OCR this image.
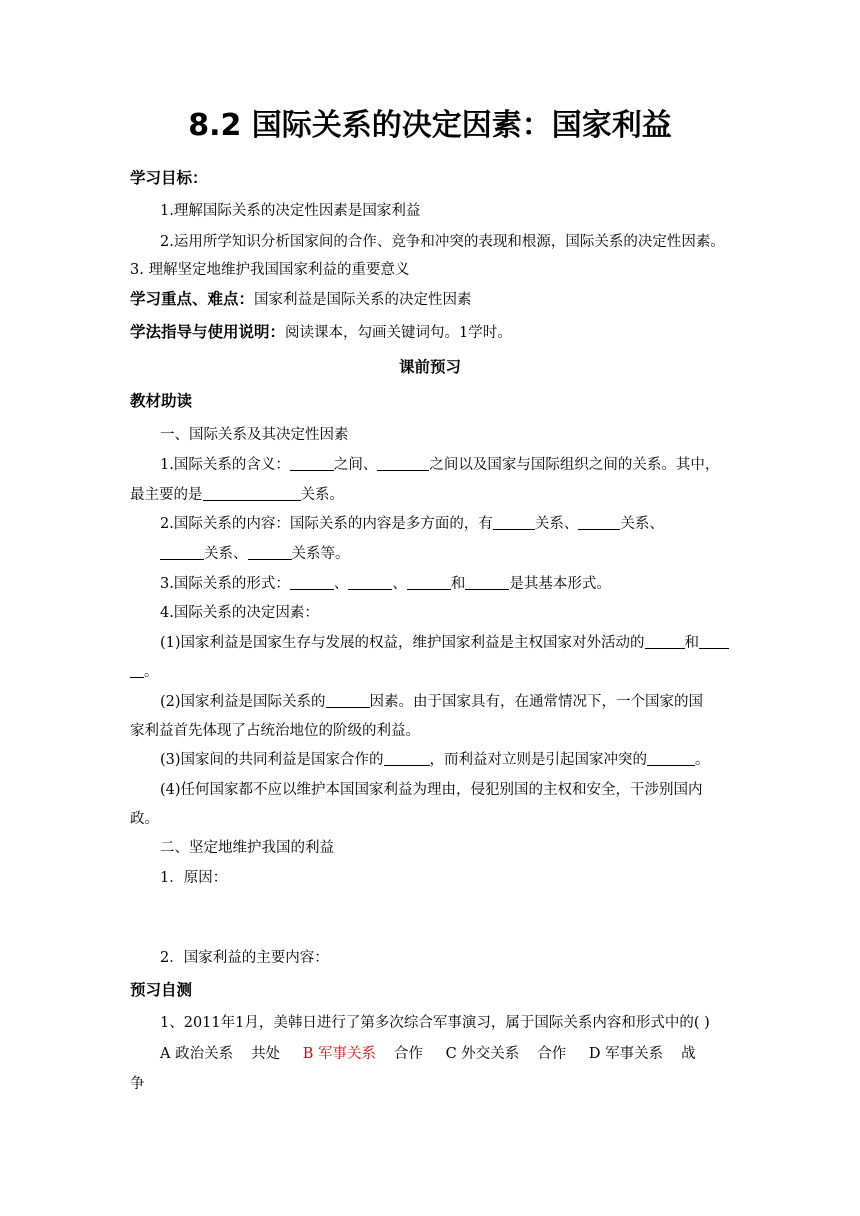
8.2 国际关系的决定因素：国家利益
学习目标：
1.理解国际关系的决定性因素是国家利益
2.运用所学知识分析国家间的合作、竞争和冲突的表现和根源，国际关系的决定性因素。
3. 理解坚定地维护我国国家利益的重要意义
学习重点、难点：国家利益是国际关系的决定性因素
学法指导与使用说明：阅读课本，勾画关键词句。1学时。
课前预习
教材助读
一、国际关系及其决定性因素
1.国际关系的含义：	之间、	之间以及国家与国际组织之间的关系。其中，
最主要的是	关系。
2.国际关系的内容：国际关系的内容是多方面的，有	关系、	关系、
关系、	关系等。
3.国际关系的形式：	、	、	和	是其基本形式。
4.国际关系的决定因素：
(1)国家利益是国家生存与发展的权益，维护国家利益是主权国家对外活动的	和
。
(2)国家利益是国际关系的	因素。由于国家具有，在通常情况下，一个国家的国
家利益首先体现了占统治地位的阶级的利益。
(3)国家间的共同利益是国家合作的	，而利益对立则是引起国家冲突的	。
(4)任何国家都不应以维护本国国家利益为理由，侵犯别国的主权和安全，干涉别国内
政。
二、坚定地维护我国的利益
1．原因：
2．国家利益的主要内容：
预习自测
1、2011年1月，美韩日进行了第多次综合军事演习，属于国际关系内容和形式中的( )
A 政治关系 共处 B 军事关系 合作 C 外交关系 合作 D 军事关系 战
争
